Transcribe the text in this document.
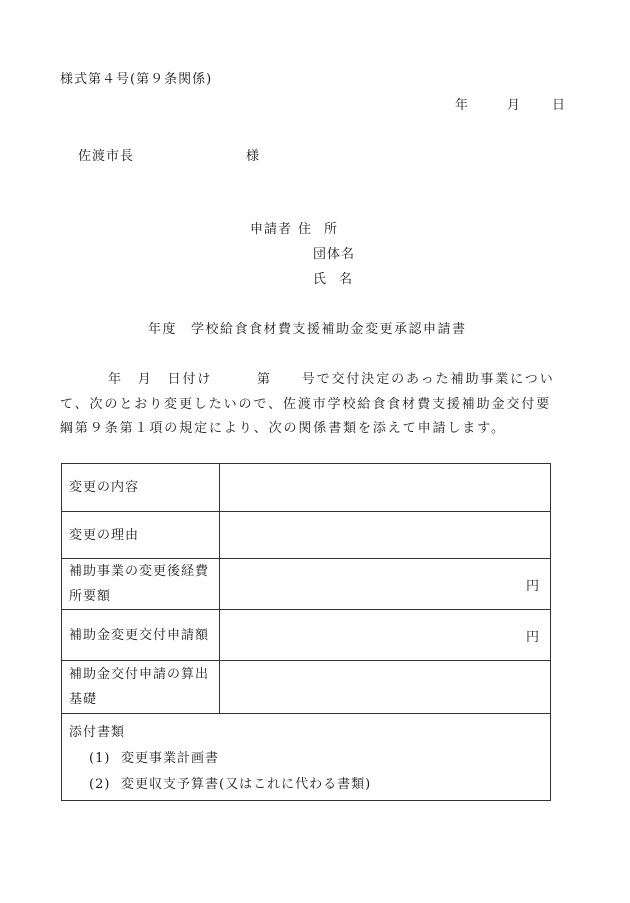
様式第４号(第９条関係)
年	月	日
佐渡市長	様
申請者 住所
団体名
氏名
年度 学校給食食材費支援補助金変更承認申請書
年　月　日付け　　　第　　号で交付決定のあった補助事業につい
て、次のとおり変更したいので、佐渡市学校給食食材費支援補助金交付要
綱第９条第１項の規定により、次の関係書類を添えて申請します。
変更の内容	
変更の理由	
補助事業の変更後経費所要額	円
補助金変更交付申請額	円
補助金交付申請の算出基礎	

添付書類
(1) 変更事業計画書
(2) 変更収支予算書(又はこれに代わる書類)	
